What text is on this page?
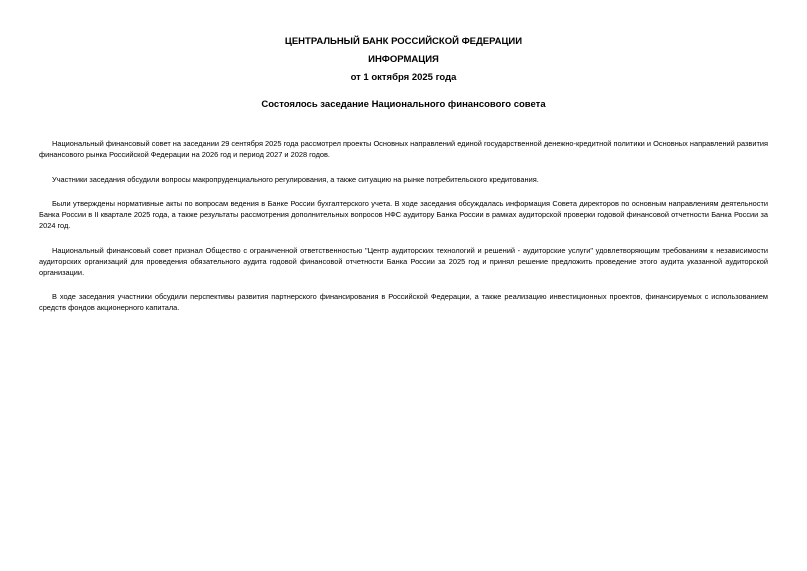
ЦЕНТРАЛЬНЫЙ БАНК РОССИЙСКОЙ ФЕДЕРАЦИИ
ИНФОРМАЦИЯ
от 1 октября 2025 года
Состоялось заседание Национального финансового совета

Национальный финансовый совет на заседании 29 сентября 2025 года рассмотрел проекты Основных направлений единой государственной денежно-кредитной политики и Основных направлений развития финансового рынка Российской Федерации на 2026 год и период 2027 и 2028 годов.

Участники заседания обсудили вопросы макропруденциального регулирования, а также ситуацию на рынке потребительского кредитования.

Были утверждены нормативные акты по вопросам ведения в Банке России бухгалтерского учета. В ходе заседания обсуждалась информация Совета директоров по основным направлениям деятельности Банка России в II квартале 2025 года, а также результаты рассмотрения дополнительных вопросов НФС аудитору Банка России в рамках аудиторской проверки годовой финансовой отчетности Банка России за 2024 год.

Национальный финансовый совет признал Общество с ограниченной ответственностью "Центр аудиторских технологий и решений - аудиторские услуги" удовлетворяющим требованиям к независимости аудиторских организаций для проведения обязательного аудита годовой финансовой отчетности Банка России за 2025 год и принял решение предложить проведение этого аудита указанной аудиторской организации.

В ходе заседания участники обсудили перспективы развития партнерского финансирования в Российской Федерации, а также реализацию инвестиционных проектов, финансируемых с использованием средств фондов акционерного капитала.
